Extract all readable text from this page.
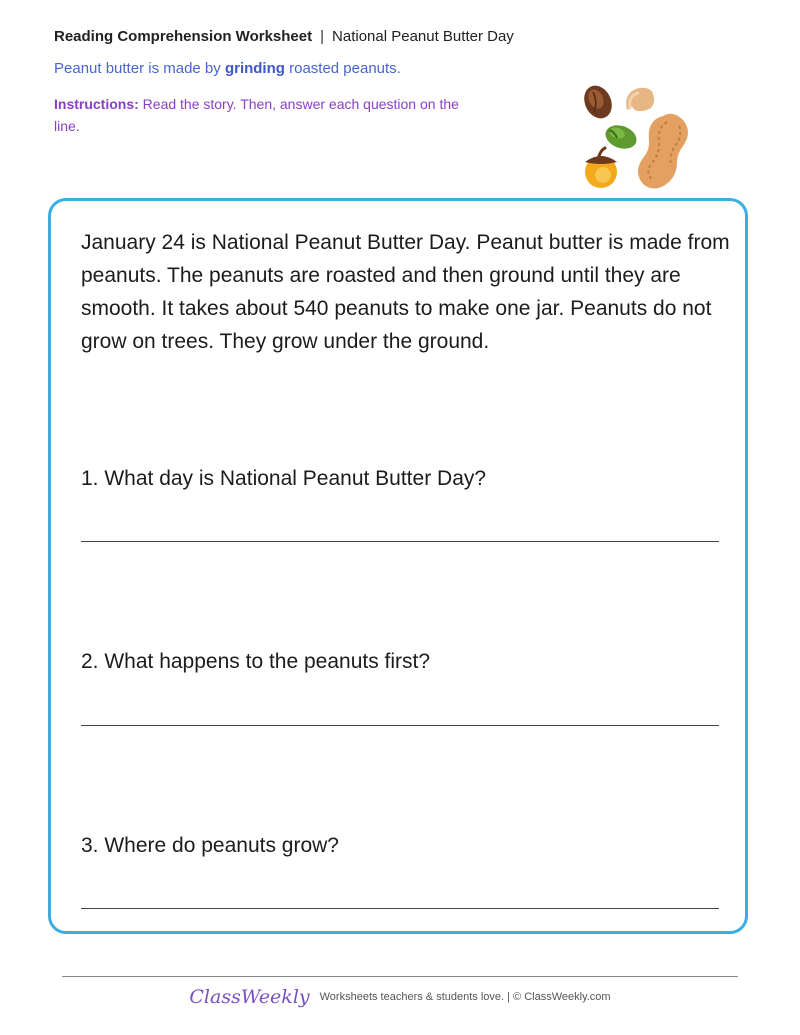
Reading Comprehension Worksheet | National Peanut Butter Day
Peanut butter is made by grinding roasted peanuts.
Instructions: Read the story. Then, answer each question on the line.

January 24 is National Peanut Butter Day. Peanut butter is made from peanuts. The peanuts are roasted and then ground until they are smooth. It takes about 540 peanuts to make one jar. Peanuts do not grow on trees. They grow under the ground.

1. What day is National Peanut Butter Day?
2. What happens to the peanuts first?
3. Where do peanuts grow?
ClassWeekly Worksheets teachers & students love. | © ClassWeekly.com
